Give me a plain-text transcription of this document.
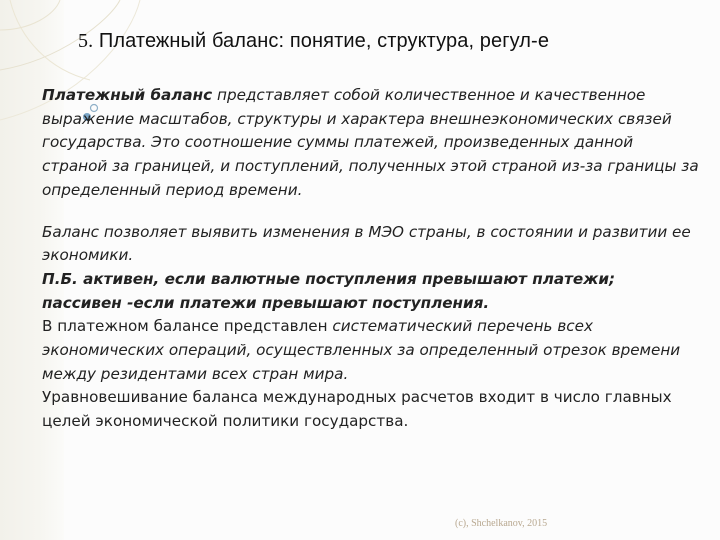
5. Платежный баланс: понятие, структура, регул-е

Платежный баланс представляет собой количественное и качественное выражение масштабов, структуры и характера внешнеэкономических связей государства. Это соотношение суммы платежей, произведенных данной страной за границей, и поступлений, полученных этой страной из-за границы за определенный период времени.

Баланс позволяет выявить изменения в МЭО страны, в состоянии и развитии ее экономики.
П.Б. активен, если валютные поступления превышают платежи;
пассивен -если платежи превышают поступления.
В платежном балансе представлен систематический перечень всех экономических операций, осуществленных за определенный отрезок времени между резидентами всех стран мира.
Уравновешивание баланса международных расчетов входит в число главных целей экономической политики государства.

(с), Shchelkanov, 2015
